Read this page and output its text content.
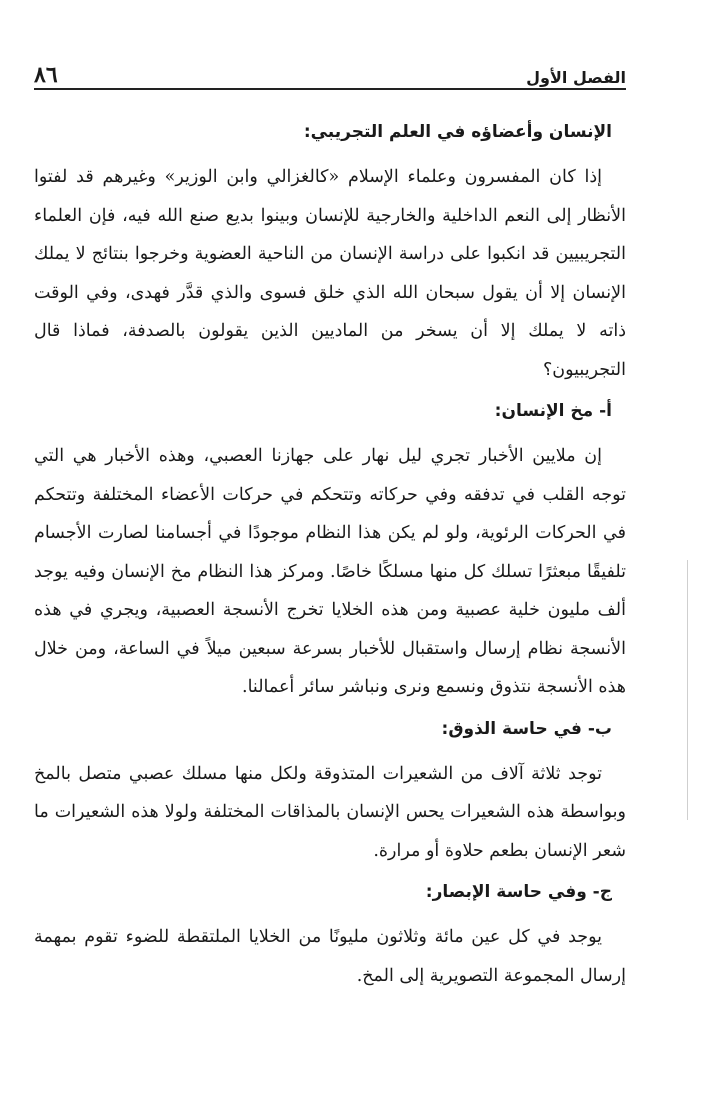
الفصل الأول
٨٦
الإنسان وأعضاؤه في العلم التجريبي:

إذا كان المفسرون وعلماء الإسلام «كالغزالي وابن الوزير» وغيرهم قد لفتوا الأنظار إلى النعم الداخلية والخارجية للإنسان وبينوا بديع صنع الله فيه، فإن العلماء التجريبيين قد انكبوا على دراسة الإنسان من الناحية العضوية وخرجوا بنتائج لا يملك الإنسان إلا أن يقول سبحان الله الذي خلق فسوى والذي قدَّر فهدى، وفي الوقت ذاته لا يملك إلا أن يسخر من الماديين الذين يقولون بالصدفة، فماذا قال التجريبيون؟

أ- مخ الإنسان:

إن ملايين الأخبار تجري ليل نهار على جهازنا العصبي، وهذه الأخبار هي التي توجه القلب في تدفقه وفي حركاته وتتحكم في حركات الأعضاء المختلفة وتتحكم في الحركات الرئوية، ولو لم يكن هذا النظام موجودًا في أجسامنا لصارت الأجسام تلفيقًا مبعثرًا تسلك كل منها مسلكًا خاصًا. ومركز هذا النظام مخ الإنسان وفيه يوجد ألف مليون خلية عصبية ومن هذه الخلايا تخرج الأنسجة العصبية، ويجري في هذه الأنسجة نظام إرسال واستقبال للأخبار بسرعة سبعين ميلاً في الساعة، ومن خلال هذه الأنسجة نتذوق ونسمع ونرى ونباشر سائر أعمالنا.

ب- في حاسة الذوق:

توجد ثلاثة آلاف من الشعيرات المتذوقة ولكل منها مسلك عصبي متصل بالمخ وبواسطة هذه الشعيرات يحس الإنسان بالمذاقات المختلفة ولولا هذه الشعيرات ما شعر الإنسان بطعم حلاوة أو مرارة.

ج- وفي حاسة الإبصار:

يوجد في كل عين مائة وثلاثون مليونًا من الخلايا الملتقطة للضوء تقوم بمهمة إرسال المجموعة التصويرية إلى المخ.
